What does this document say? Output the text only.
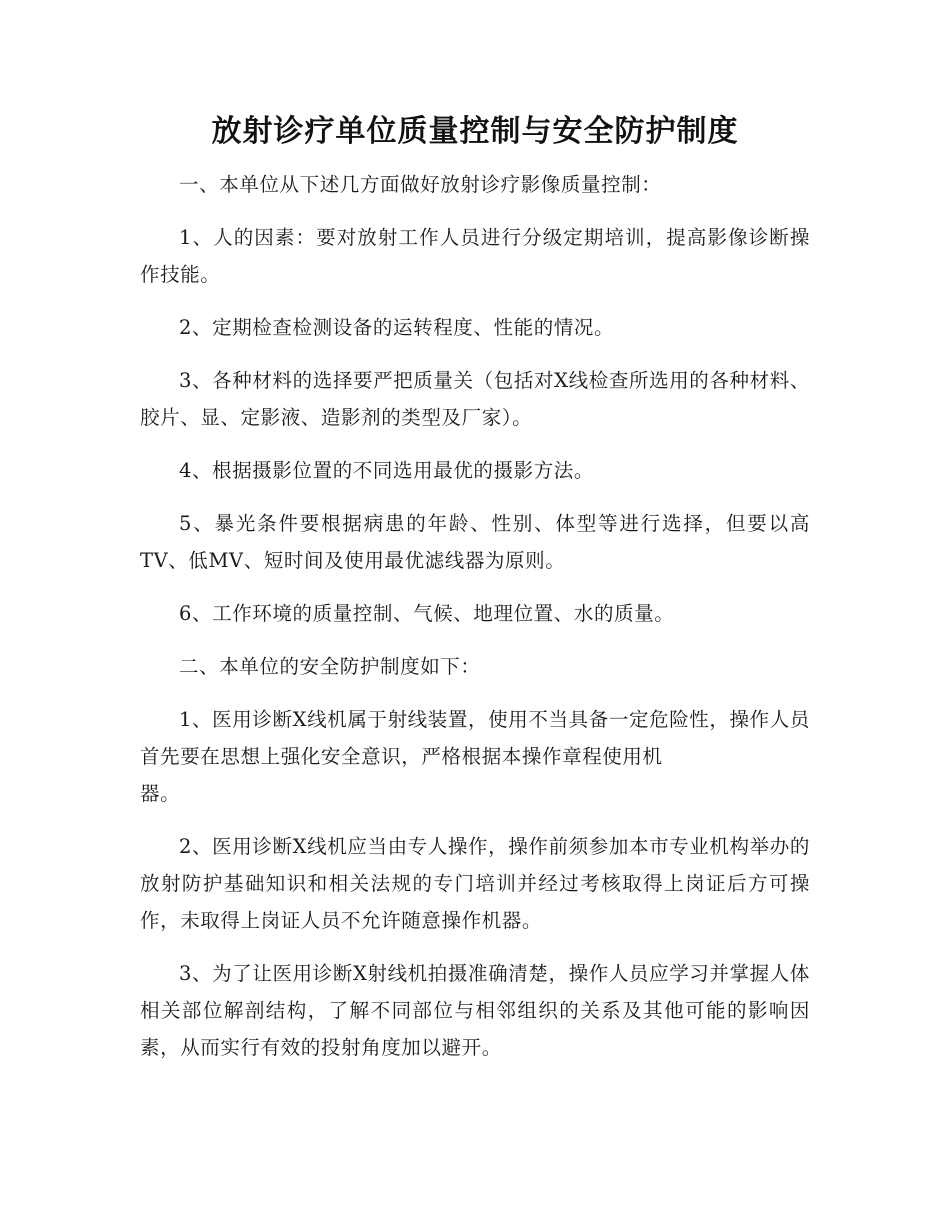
放射诊疗单位质量控制与安全防护制度

一、本单位从下述几方面做好放射诊疗影像质量控制：

1、人的因素：要对放射工作人员进行分级定期培训，提高影像诊断操作技能。

2、定期检查检测设备的运转程度、性能的情况。

3、各种材料的选择要严把质量关（包括对X线检查所选用的各种材料、胶片、显、定影液、造影剂的类型及厂家）。

4、根据摄影位置的不同选用最优的摄影方法。

5、暴光条件要根据病患的年龄、性别、体型等进行选择，但要以高TV、低MV、短时间及使用最优滤线器为原则。

6、工作环境的质量控制、气候、地理位置、水的质量。

二、本单位的安全防护制度如下：

1、医用诊断X线机属于射线装置，使用不当具备一定危险性，操作人员首先要在思想上强化安全意识，严格根据本操作章程使用机
器。

2、医用诊断X线机应当由专人操作，操作前须参加本市专业机构举办的放射防护基础知识和相关法规的专门培训并经过考核取得上岗证后方可操作，未取得上岗证人员不允许随意操作机器。

3、为了让医用诊断X射线机拍摄准确清楚，操作人员应学习并掌握人体相关部位解剖结构，了解不同部位与相邻组织的关系及其他可能的影响因素，从而实行有效的投射角度加以避开。
